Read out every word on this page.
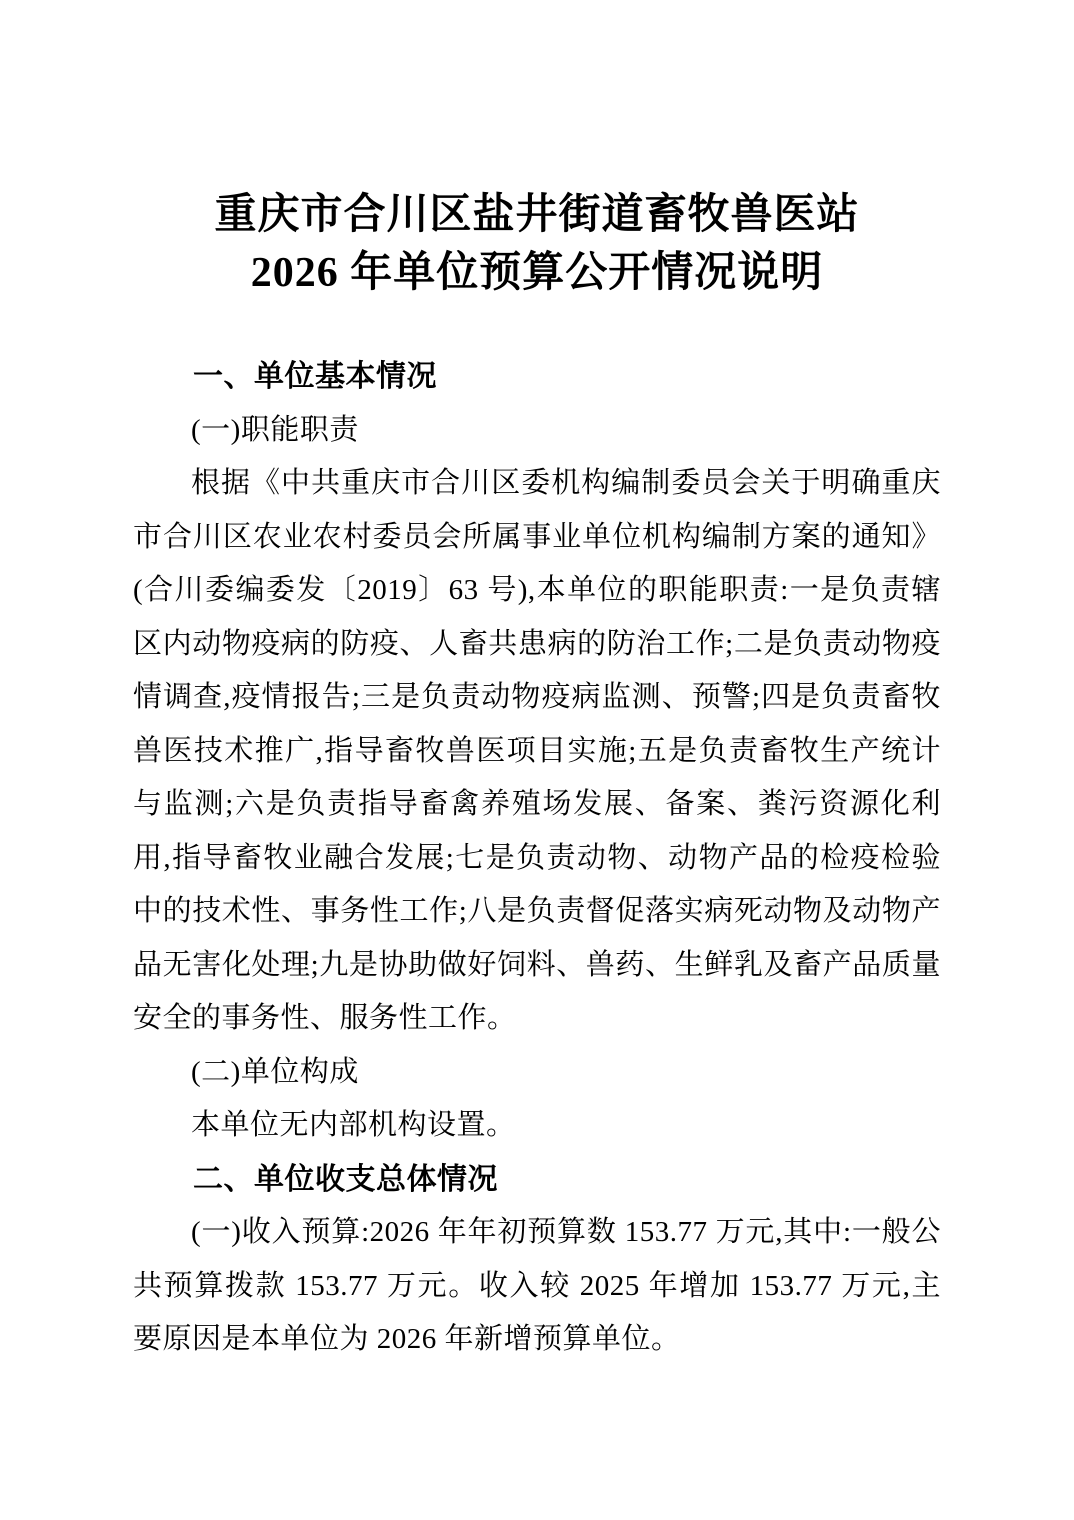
重庆市合川区盐井街道畜牧兽医站
2026 年单位预算公开情况说明
一、单位基本情况
(一)职能职责

根据《中共重庆市合川区委机构编制委员会关于明确重庆市合川区农业农村委员会所属事业单位机构编制方案的通知》(合川委编委发〔2019〕63 号),本单位的职能职责:一是负责辖区内动物疫病的防疫、人畜共患病的防治工作;二是负责动物疫情调查,疫情报告;三是负责动物疫病监测、预警;四是负责畜牧兽医技术推广,指导畜牧兽医项目实施;五是负责畜牧生产统计与监测;六是负责指导畜禽养殖场发展、备案、粪污资源化利用,指导畜牧业融合发展;七是负责动物、动物产品的检疫检验中的技术性、事务性工作;八是负责督促落实病死动物及动物产品无害化处理;九是协助做好饲料、兽药、生鲜乳及畜产品质量安全的事务性、服务性工作。

(二)单位构成

本单位无内部机构设置。

二、单位收支总体情况

(一)收入预算:2026 年年初预算数 153.77 万元,其中:一般公共预算拨款 153.77 万元。收入较 2025 年增加 153.77 万元,主要原因是本单位为 2026 年新增预算单位。
